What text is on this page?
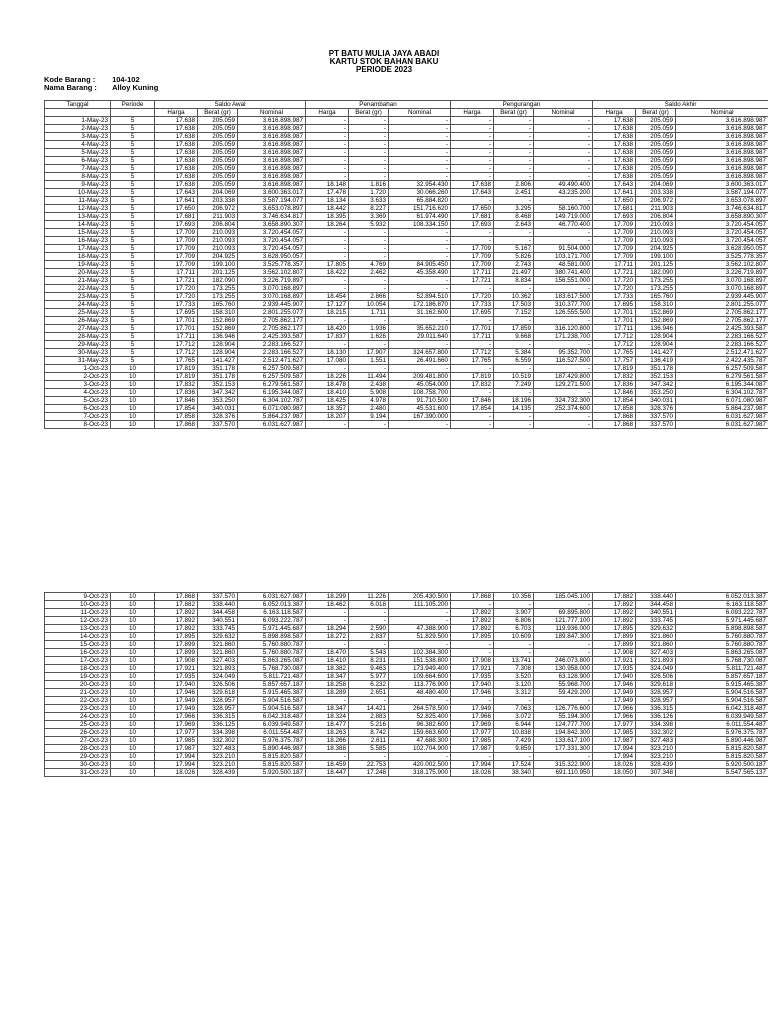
PT BATU MULIA JAYA ABADI
KARTU STOK BAHAN BAKU
PERIODE 2023
Kode Barang : 104-102
Nama Barang : Alloy Kuning
Tanggal	Periode	Saldo Awal			Penambahan			Pengurangan			Saldo Akhir		
		Harga	Berat (gr)	Nominal	Harga	Berat (gr)	Nominal	Harga	Berat (gr)	Nominal	Harga	Berat (gr)	Nominal
1-May-23	5	17.638	205.059	3.616.898.987	-	-	-	-	-	-	17.638	205.059	3.616.898.987
2-May-23	5	17.638	205.059	3.616.898.987	-	-	-	-	-	-	17.638	205.059	3.616.898.987
3-May-23	5	17.638	205.059	3.616.898.987	-	-	-	-	-	-	17.638	205.059	3.616.898.987
4-May-23	5	17.638	205.059	3.616.898.987	-	-	-	-	-	-	17.638	205.059	3.616.898.987
5-May-23	5	17.638	205.059	3.616.898.987	-	-	-	-	-	-	17.638	205.059	3.616.898.987
6-May-23	5	17.638	205.059	3.616.898.987	-	-	-	-	-	-	17.638	205.059	3.616.898.987
7-May-23	5	17.638	205.059	3.616.898.987	-	-	-	-	-	-	17.638	205.059	3.616.898.987
8-May-23	5	17.638	205.059	3.616.898.987	-	-	-	-	-	-	17.638	205.059	3.616.898.987
9-May-23	5	17.638	205.059	3.616.898.987	18.148	1.816	32.954.430	17.638	2.806	49.490.400	17.643	204.069	3.600.363.017
10-May-23	5	17.643	204.069	3.600.363.017	17.478	1.720	30.066.260	17.643	2.451	43.235.200	17.641	203.338	3.587.194.077
11-May-23	5	17.641	203.338	3.587.194.077	18.134	3.633	65.884.820	-	-	-	17.650	206.972	3.653.078.897
12-May-23	5	17.650	206.972	3.653.078.897	18.442	8.227	151.716.620	17.650	3.295	58.160.700	17.681	211.903	3.746.634.817
13-May-23	5	17.681	211.903	3.746.634.817	18.395	3.369	61.974.490	17.681	8.468	149.719.000	17.693	206.804	3.658.890.307
14-May-23	5	17.693	206.804	3.658.890.307	18.264	5.932	108.334.150	17.693	2.643	46.770.400	17.709	210.093	3.720.454.057
15-May-23	5	17.709	210.093	3.720.454.057	-	-	-	-	-	-	17.709	210.093	3.720.454.057
16-May-23	5	17.709	210.093	3.720.454.057	-	-	-	-	-	-	17.709	210.093	3.720.454.057
17-May-23	5	17.709	210.093	3.720.454.057	-	-	-	17.709	5.167	91.504.000	17.709	204.925	3.628.950.057
18-May-23	5	17.709	204.925	3.628.950.057	-	-	-	17.709	5.826	103.171.700	17.709	199.100	3.525.778.357
19-May-23	5	17.709	199.100	3.525.778.357	17.805	4.769	84.905.450	17.709	2.743	48.581.000	17.711	201.125	3.562.102.807
20-May-23	5	17.711	201.125	3.562.102.807	18.422	2.462	45.358.490	17.711	21.497	380.741.400	17.721	182.090	3.226.719.897
21-May-23	5	17.721	182.090	3.226.719.897	-	-	-	17.721	8.834	156.551.000	17.720	173.255	3.070.168.897
22-May-23	5	17.720	173.255	3.070.168.897	-	-	-	-	-	-	17.720	173.255	3.070.168.897
23-May-23	5	17.720	173.255	3.070.168.897	18.454	2.866	52.894.510	17.720	10.362	183.617.500	17.733	165.760	2.939.445.907
24-May-23	5	17.733	165.760	2.939.445.907	17.127	10.054	172.186.870	17.733	17.503	310.377.700	17.695	158.310	2.801.255.077
25-May-23	5	17.695	158.310	2.801.255.077	18.215	1.711	31.162.600	17.695	7.152	126.555.500	17.701	152.869	2.705.862.177
26-May-23	5	17.701	152.869	2.705.862.177	-	-	-	-	-	-	17.701	152.869	2.705.862.177
27-May-23	5	17.701	152.869	2.705.862.177	18.420	1.936	35.652.210	17.701	17.859	316.120.800	17.711	136.946	2.425.393.587
28-May-23	5	17.711	136.946	2.425.393.587	17.837	1.626	29.011.640	17.711	9.668	171.238.700	17.712	128.904	2.283.166.527
29-May-23	5	17.712	128.904	2.283.166.527	-	-	-	-	-	-	17.712	128.904	2.283.166.527
30-May-23	5	17.712	128.904	2.283.166.527	18.130	17.907	324.657.800	17.712	5.384	95.352.700	17.765	141.427	2.512.471.627
31-May-23	5	17.765	141.427	2.512.471.627	17.080	1.551	26.491.660	17.765	6.559	116.527.500	17.757	136.419	2.422.435.787
1-Oct-23	10	17.819	351.178	6.257.509.587	-	-	-	-	-	-	17.819	351.178	6.257.509.587
2-Oct-23	10	17.819	351.178	6.257.509.587	18.226	11.494	209.481.800	17.819	10.519	187.429.800	17.832	352.153	6.279.561.587
3-Oct-23	10	17.832	352.153	6.279.561.587	18.478	2.438	45.054.000	17.832	7.249	129.271.500	17.836	347.342	6.195.344.087
4-Oct-23	10	17.836	347.342	6.195.344.087	18.410	5.908	108.758.700	-	-	-	17.846	353.250	6.304.102.787
5-Oct-23	10	17.846	353.250	6.304.102.787	18.425	4.978	91.710.500	17.846	18.196	324.732.300	17.854	340.031	6.071.080.987
6-Oct-23	10	17.854	340.031	6.071.080.987	18.357	2.480	45.531.600	17.854	14.135	252.374.600	17.858	328.376	5.864.237.987
7-Oct-23	10	17.858	328.376	5.864.237.987	18.207	9.194	167.390.000	-	-	-	17.868	337.570	6.031.627.987
8-Oct-23	10	17.868	337.570	6.031.627.987	-	-	-	-	-	-	17.868	337.570	6.031.627.987
9-Oct-23	10	17.868	337.570	6.031.627.987	18.299	11.226	205.430.500	17.868	10.356	185.045.100	17.882	338.440	6.052.013.387
10-Oct-23	10	17.882	338.440	6.052.013.387	18.462	6.018	111.105.200	-	-	-	17.892	344.458	6.163.118.587
11-Oct-23	10	17.892	344.458	6.163.118.587	-	-	-	17.892	3.907	69.895.800	17.892	340.551	6.093.222.787
12-Oct-23	10	17.892	340.551	6.093.222.787	-	-	-	17.892	6.806	121.777.100	17.892	333.745	5.971.445.687
13-Oct-23	10	17.892	333.745	5.971.445.687	18.294	2.590	47.388.900	17.892	6.703	119.936.000	17.895	329.632	5.898.898.587
14-Oct-23	10	17.895	329.632	5.898.898.587	18.272	2.837	51.829.500	17.895	10.609	189.847.300	17.899	321.860	5.760.880.787
15-Oct-23	10	17.899	321.860	5.760.880.787	-	-	-	-	-	-	17.899	321.860	5.760.880.787
16-Oct-23	10	17.899	321.860	5.760.880.787	18.470	5.543	102.384.300	-	-	-	17.908	327.403	5.863.265.087
17-Oct-23	10	17.908	327.403	5.863.265.087	18.410	8.231	151.538.800	17.908	13.741	246.073.800	17.921	321.893	5.768.730.087
18-Oct-23	10	17.921	321.893	5.768.730.087	18.382	9.463	173.949.400	17.921	7.308	130.958.000	17.935	324.049	5.811.721.487
19-Oct-23	10	17.935	324.049	5.811.721.487	18.347	5.977	109.664.600	17.935	3.520	63.128.900	17.940	326.506	5.857.657.187
20-Oct-23	10	17.940	326.506	5.857.657.187	18.258	6.232	113.776.900	17.940	3.120	55.968.700	17.946	329.618	5.915.465.387
21-Oct-23	10	17.946	329.618	5.915.465.387	18.289	2.651	48.480.400	17.946	3.312	59.429.200	17.949	328.957	5.904.516.587
22-Oct-23	10	17.949	328.957	5.904.516.587	-	-	-	-	-	-	17.949	328.957	5.904.516.587
23-Oct-23	10	17.949	328.957	5.904.516.587	18.347	14.421	264.578.500	17.949	7.063	126.776.600	17.966	336.315	6.042.318.487
24-Oct-23	10	17.966	336.315	6.042.318.487	18.324	2.883	52.825.400	17.966	3.072	55.194.300	17.966	336.126	6.039.949.587
25-Oct-23	10	17.969	336.125	6.039.949.587	18.477	5.216	96.382.600	17.969	6.944	124.777.700	17.977	334.398	6.011.554.487
26-Oct-23	10	17.977	334.398	6.011.554.487	18.263	8.742	159.663.600	17.977	10.838	194.842.300	17.985	332.302	5.976.375.787
27-Oct-23	10	17.985	332.302	5.976.375.787	18.266	2.611	47.688.300	17.985	7.429	133.617.100	17.987	327.483	5.890.446.987
28-Oct-23	10	17.987	327.483	5.890.446.987	18.388	5.585	102.704.900	17.987	9.859	177.331.300	17.994	323.210	5.815.820.587
29-Oct-23	10	17.994	323.210	5.815.820.587	-	-	-	-	-	-	17.994	323.210	5.815.820.587
30-Oct-23	10	17.994	323.210	5.815.820.587	18.459	22.753	420.002.500	17.994	17.524	315.322.900	18.026	328.439	5.920.500.187
31-Oct-23	10	18.026	328.439	5.920.500.187	18.447	17.248	318.175.900	18.026	38.340	691.110.950	18.050	307.348	5.547.565.137
